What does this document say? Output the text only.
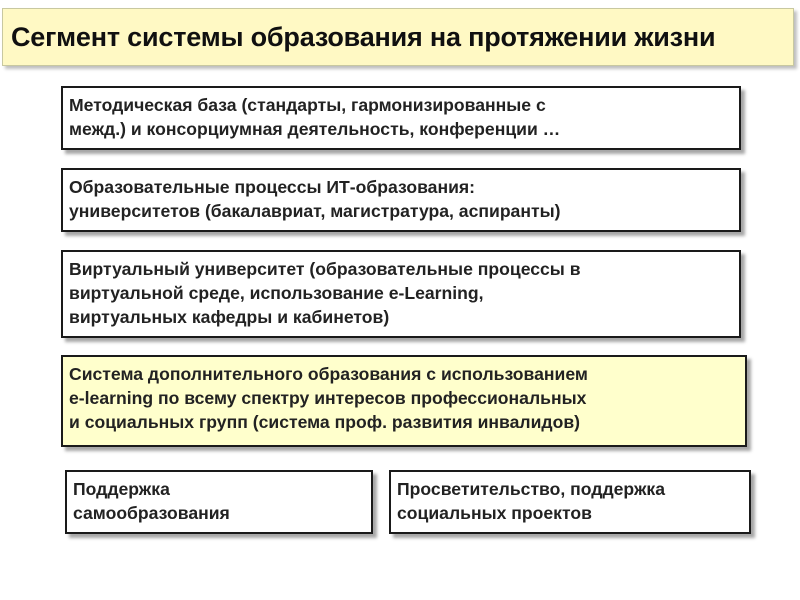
Сегмент системы образования на протяжении жизни
Методическая база (стандарты, гармонизированные с
межд.) и консорциумная деятельность, конференции …
Образовательные процессы ИТ-образования:
университетов (бакалавриат, магистратура, аспиранты)
Виртуальный университет (образовательные процессы в
виртуальной среде, использование e-Learning,
виртуальных кафедры и кабинетов)
Система дополнительного образования с использованием
e-learning по всему спектру интересов профессиональных
и социальных групп (система проф. развития инвалидов)
Поддержка
самообразования
Просветительство, поддержка
социальных проектов
